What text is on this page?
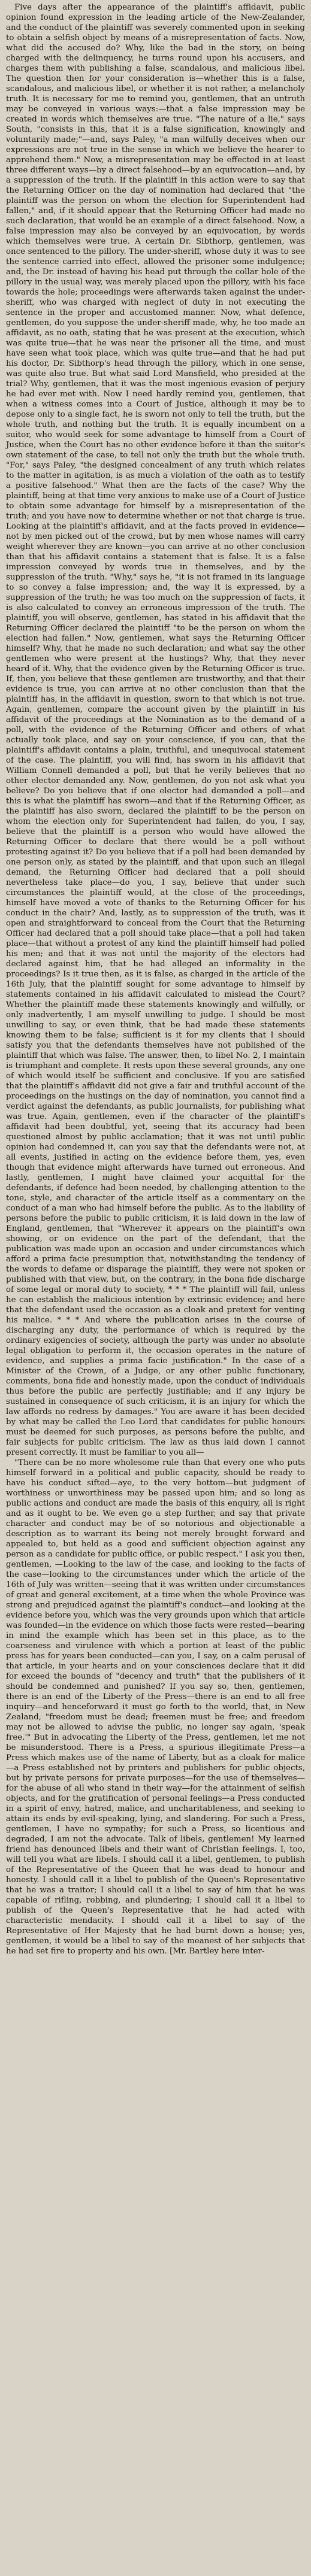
Five days after the appearance of the plaintiff's affidavit, public opinion found expression in the leading article of the New-Zealander, and the conduct of the plaintiff was severely commented upon in seeking to obtain a selfish object by means of a misrepresentation of facts. Now, what did the accused do? Why, like the bad in the story, on being charged with the delinquency, he turns round upon his accusers, and charges them with publishing a false, scandalous, and malicious libel. The question then for your consideration is—whether this is a false, scandalous, and malicious libel, or whether it is not rather, a melancholy truth. It is necessary for me to remind you, gentlemen, that an untruth may be conveyed in various ways:—that a false impression may be created in words which themselves are true. "The nature of a lie," says South, "consists in this, that it is a false signification, knowingly and voluntarily made;"—and, says Paley, "a man wilfully deceives when our expressions are not true in the sense in which we believe the hearer to apprehend them." Now, a misrepresentation may be effected in at least three different ways—by a direct falsehood—by an equivocation—and, by a suppression of the truth. If the plaintiff in this action were to say that the Returning Officer on the day of nomination had declared that "the plaintiff was the person on whom the election for Superintendent had fallen," and, if it should appear that the Returning Officer had made no such declaration, that would be an example of a direct falsehood. Now, a false impression may also be conveyed by an equivocation, by words which themselves were true. A certain Dr. Sibthorp, gentlemen, was once sentenced to the pillory. The under-sheriff, whose duty it was to see the sentence carried into effect, allowed the prisoner some indulgence; and, the Dr. instead of having his head put through the collar hole of the pillory in the usual way, was merely placed upon the pillory, with his face towards the hole; proceedings were afterwards taken against the under-sheriff, who was charged with neglect of duty in not executing the sentence in the proper and accustomed manner. Now, what defence, gentlemen, do you suppose the under-sheriff made, why, he too made an affidavit, as no oath, stating that he was present at the execution, which was quite true—that he was near the prisoner all the time, and must have seen what took place, which was quite true—and that he had put his doctor, Dr. Sibthorp's head through the pillory, which in one sense, was quite also true. But what said Lord Mansfield, who presided at the trial? Why, gentlemen, that it was the most ingenious evasion of perjury he had ever met with. Now I need hardly remind you, gentlemen, that when a witness comes into a Court of Justice, although it may be to depose only to a single fact, he is sworn not only to tell the truth, but the whole truth, and nothing but the truth. It is equally incumbent on a suitor, who would seek for some advantage to himself from a Court of Justice, when the Court has no other evidence before it than the suitor's own statement of the case, to tell not only the truth but the whole truth. "For," says Paley, "the designed concealment of any truth which relates to the matter in agitation, is as much a violation of the oath as to testify a positive falsehood." What then are the facts of the case? Why the plaintiff, being at that time very anxious to make use of a Court of Justice to obtain some advantage for himself by a misrepresentation of the truth; and you have now to determine whether or not that charge is true. Looking at the plaintiff's affidavit, and at the facts proved in evidence—not by men picked out of the crowd, but by men whose names will carry weight wherever they are known—you can arrive at no other conclusion than that his affidavit contains a statement that is false. It is a false impression conveyed by words true in themselves, and by the suppression of the truth. "Why," says he, "it is not framed in its language to so convey a false impression; and, the way it is expressed, by a suppression of the truth; he was too much on the suppression of facts, it is also calculated to convey an erroneous impression of the truth. The plaintiff, you will observe, gentlemen, has stated in his affidavit that the Returning Officer declared the plaintiff "to be the person on whom the election had fallen." Now, gentlemen, what says the Returning Officer himself? Why, that he made no such declaration; and what say the other gentlemen who were present at the hustings? Why, that they never heard of it. Why, that the evidence given by the Returning Officer is true. If, then, you believe that these gentlemen are trustworthy, and that their evidence is true, you can arrive at no other conclusion than that the plaintiff has, in the affidavit in question, sworn to that which is not true. Again, gentlemen, compare the account given by the plaintiff in his affidavit of the proceedings at the Nomination as to the demand of a poll, with the evidence of the Returning Officer and others of what actually took place, and say on your conscience, if you can, that the plaintiff's affidavit contains a plain, truthful, and unequivocal statement of the case. The plaintiff, you will find, has sworn in his affidavit that William Connell demanded a poll, but that he verily believes that no other elector demanded any. Now, gentlemen, do you not ask what you believe? Do you believe that if one elector had demanded a poll—and this is what the plaintiff has sworn—and that if the Returning Officer, as the plaintiff has also sworn, declared the plaintiff to be the person on whom the election only for Superintendent had fallen, do you, I say, believe that the plaintiff is a person who would have allowed the Returning Officer to declare that there would be a poll without protesting against it? Do you believe that if a poll had been demanded by one person only, as stated by the plaintiff, and that upon such an illegal demand, the Returning Officer had declared that a poll should nevertheless take place—do you, I say, believe that under such circumstances the plaintiff would, at the close of the proceedings, himself have moved a vote of thanks to the Returning Officer for his conduct in the chair? And, lastly, as to suppression of the truth, was it open and straightforward to conceal from the Court that the Returning Officer had declared that a poll should take place—that a poll had taken place—that without a protest of any kind the plaintiff himself had polled his men; and that it was not until the majority of the electors had declared against him, that he had alleged an informality in the proceedings? Is it true then, as it is false, as charged in the article of the 16th July, that the plaintiff sought for some advantage to himself by statements contained in his affidavit calculated to mislead the Court? Whether the plaintiff made these statements knowingly and wilfully, or only inadvertently, I am myself unwilling to judge. I should be most unwilling to say, or even think, that he had made these statements knowing them to be false; sufficient is it for my clients that I should satisfy you that the defendants themselves have not published of the plaintiff that which was false. The answer, then, to libel No. 2, I maintain is triumphant and complete. It rests upon these several grounds, any one of which would itself be sufficient and conclusive. If you are satisfied that the plaintiff's affidavit did not give a fair and truthful account of the proceedings on the hustings on the day of nomination, you cannot find a verdict against the defendants, as public journalists, for publishing what was true. Again, gentlemen, even if the character of the plaintiff's affidavit had been doubtful, yet, seeing that its accuracy had been questioned almost by public acclamation; that it was not until public opinion had condemned it, can you say that the defendants were not, at all events, justified in acting on the evidence before them, yes, even though that evidence might afterwards have turned out erroneous. And lastly, gentlemen, I might have claimed your acquittal for the defendants, if defence had been needed, by challenging attention to the tone, style, and character of the article itself as a commentary on the conduct of a man who had himself before the public. As to the liability of persons before the public to public criticism, it is laid down in the law of England, gentlemen, that "Wherever it appears on the plaintiff's own showing, or on evidence on the part of the defendant, that the publication was made upon an occasion and under circumstances which afford a prima facie presumption that, notwithstanding the tendency of the words to defame or disparage the plaintiff, they were not spoken or published with that view, but, on the contrary, in the bona fide discharge of some legal or moral duty to society, * * * The plaintiff will fail, unless he can establish the malicious intention by extrinsic evidence; and here that the defendant used the occasion as a cloak and pretext for venting his malice. * * * And where the publication arises in the course of discharging any duty, the performance of which is required by the ordinary exigencies of society, although the party was under no absolute legal obligation to perform it, the occasion operates in the nature of evidence, and supplies a prima facie justification." In the case of a Minister of the Crown, of a Judge, or any other public functionary, comments, bona fide and honestly made, upon the conduct of individuals thus before the public are perfectly justifiable; and if any injury be sustained in consequence of such criticism, it is an injury for which the law affords no redress by damages." You are aware it has been decided by what may be called the Leo Lord that candidates for public honours must be deemed for such purposes, as persons before the public, and fair subjects for public criticism. The law as thus laid down I cannot present correctly. It must be familiar to you all—

"There can be no more wholesome rule than that every one who puts himself forward in a political and public capacity, should be ready to have his conduct sifted—aye, to the very bottom—but judgment of worthiness or unworthiness may be passed upon him; and so long as public actions and conduct are made the basis of this enquiry, all is right and as it ought to be. We even go a step further, and say that private character and conduct may be of so notorious and objectionable a description as to warrant its being not merely brought forward and appealed to, but held as a good and sufficient objection against any person as a candidate for public office, or public respect." I ask you then, gentlemen, —Looking to the law of the case, and looking to the facts of the case—looking to the circumstances under which the article of the 16th of July was written—seeing that it was written under circumstances of great and general excitement, at a time when the whole Province was strong and prejudiced against the plaintiff's conduct—and looking at the evidence before you, which was the very grounds upon which that article was founded—in the evidence on which those facts were rested—bearing in mind the example which has been set in this place, as to the coarseness and virulence with which a portion at least of the public press has for years been conducted—can you, I say, on a calm perusal of that article, in your hearts and on your consciences declare that it did for exceed the bounds of "decency and truth" that the publishers of it should be condemned and punished? If you say so, then, gentlemen, there is an end of the Liberty of the Press—there is an end to all free inquiry—and henceforward it must go forth to the world, that, in New Zealand, "freedom must be dead; freemen must be free; and freedom may not be allowed to advise the public, no longer say again, 'speak free.'" But in advocating the Liberty of the Press, gentlemen, let me not be misunderstood. There is a Press, a spurious illegitimate Press—a Press which makes use of the name of Liberty, but as a cloak for malice—a Press established not by printers and publishers for public objects, but by private persons for private purposes—for the use of themselves—for the abuse of all who stand in their way—for the attainment of selfish objects, and for the gratification of personal feelings—a Press conducted in a spirit of envy, hatred, malice, and uncharitableness, and seeking to attain its ends by evil-speaking, lying, and slandering. For such a Press, gentlemen, I have no sympathy; for such a Press, so licentious and degraded, I am not the advocate. Talk of libels, gentlemen! My learned friend has denounced libels and their want of Christian feelings. I, too, will tell you what are libels. I should call it a libel, gentlemen, to publish of the Representative of the Queen that he was dead to honour and honesty. I should call it a libel to publish of the Queen's Representative that he was a traitor; I should call it a libel to say of him that he was capable of rifling, robbing, and plundering; I should call it a libel to publish of the Queen's Representative that he had acted with characteristic mendacity. I should call it a libel to say of the Representative of Her Majesty that he had burnt down a house; yes, gentlemen, it would be a libel to say of the meanest of her subjects that he had set fire to property and his own. [Mr. Bartley here inter-
